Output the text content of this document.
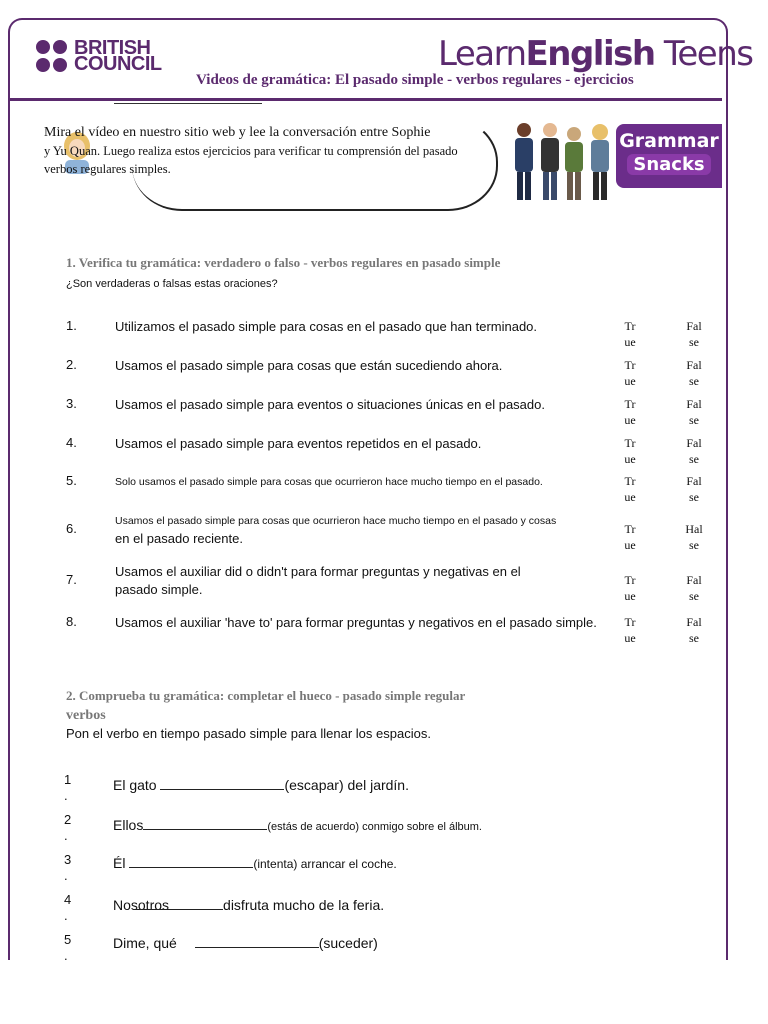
BRITISH
COUNCIL	LearnEnglish Teens
Videos de gramática: El pasado simple - verbos regulares - ejercicios
Mira el vídeo en nuestro sitio web y lee la conversación entre Sophie
y Yu Quan. Luego realiza estos ejercicios para verificar tu comprensión del pasado
verbos regulares simples.
Grammar
Snacks
1. Verifica tu gramática: verdadero o falso - verbos regulares en pasado simple
¿Son verdaderas o falsas estas oraciones?
1.	Utilizamos el pasado simple para cosas en el pasado que han terminado.	Tr
ue
Fal
se
2.	Usamos el pasado simple para cosas que están sucediendo ahora.	Tr
ue
Fal
se
3.	Usamos el pasado simple para eventos o situaciones únicas en el pasado.	Tr
ue
Fal
se
4.	Usamos el pasado simple para eventos repetidos en el pasado.	Tr
ue
Fal
se
5.	Solo usamos el pasado simple para cosas que ocurrieron hace mucho tiempo en el pasado.	Tr
ue
Fal
se
6.	Usamos el pasado simple para cosas que ocurrieron hace mucho tiempo en el pasado y cosas
en el pasado reciente.
Tr
ue
Hal
se
7.
Usamos el auxiliar did o didn't para formar preguntas y negativas en el
pasado simple.
Tr
ue
Fal
se
8.	Usamos el auxiliar 'have to' para formar preguntas y negativos en el pasado simple.	Tr
ue
Fal
se
2. Comprueba tu gramática: completar el hueco - pasado simple regular
verbos
Pon el verbo en tiempo pasado simple para llenar los espacios.
1
.
El gato	(escapar) del jardín.
2
.
Ellos	(estás de acuerdo) conmigo sobre el álbum.
3
.
Él	(intenta) arrancar el coche.
4
.
Nosotros	disfruta mucho de la feria.
5
.
Dime, qué	(suceder)
